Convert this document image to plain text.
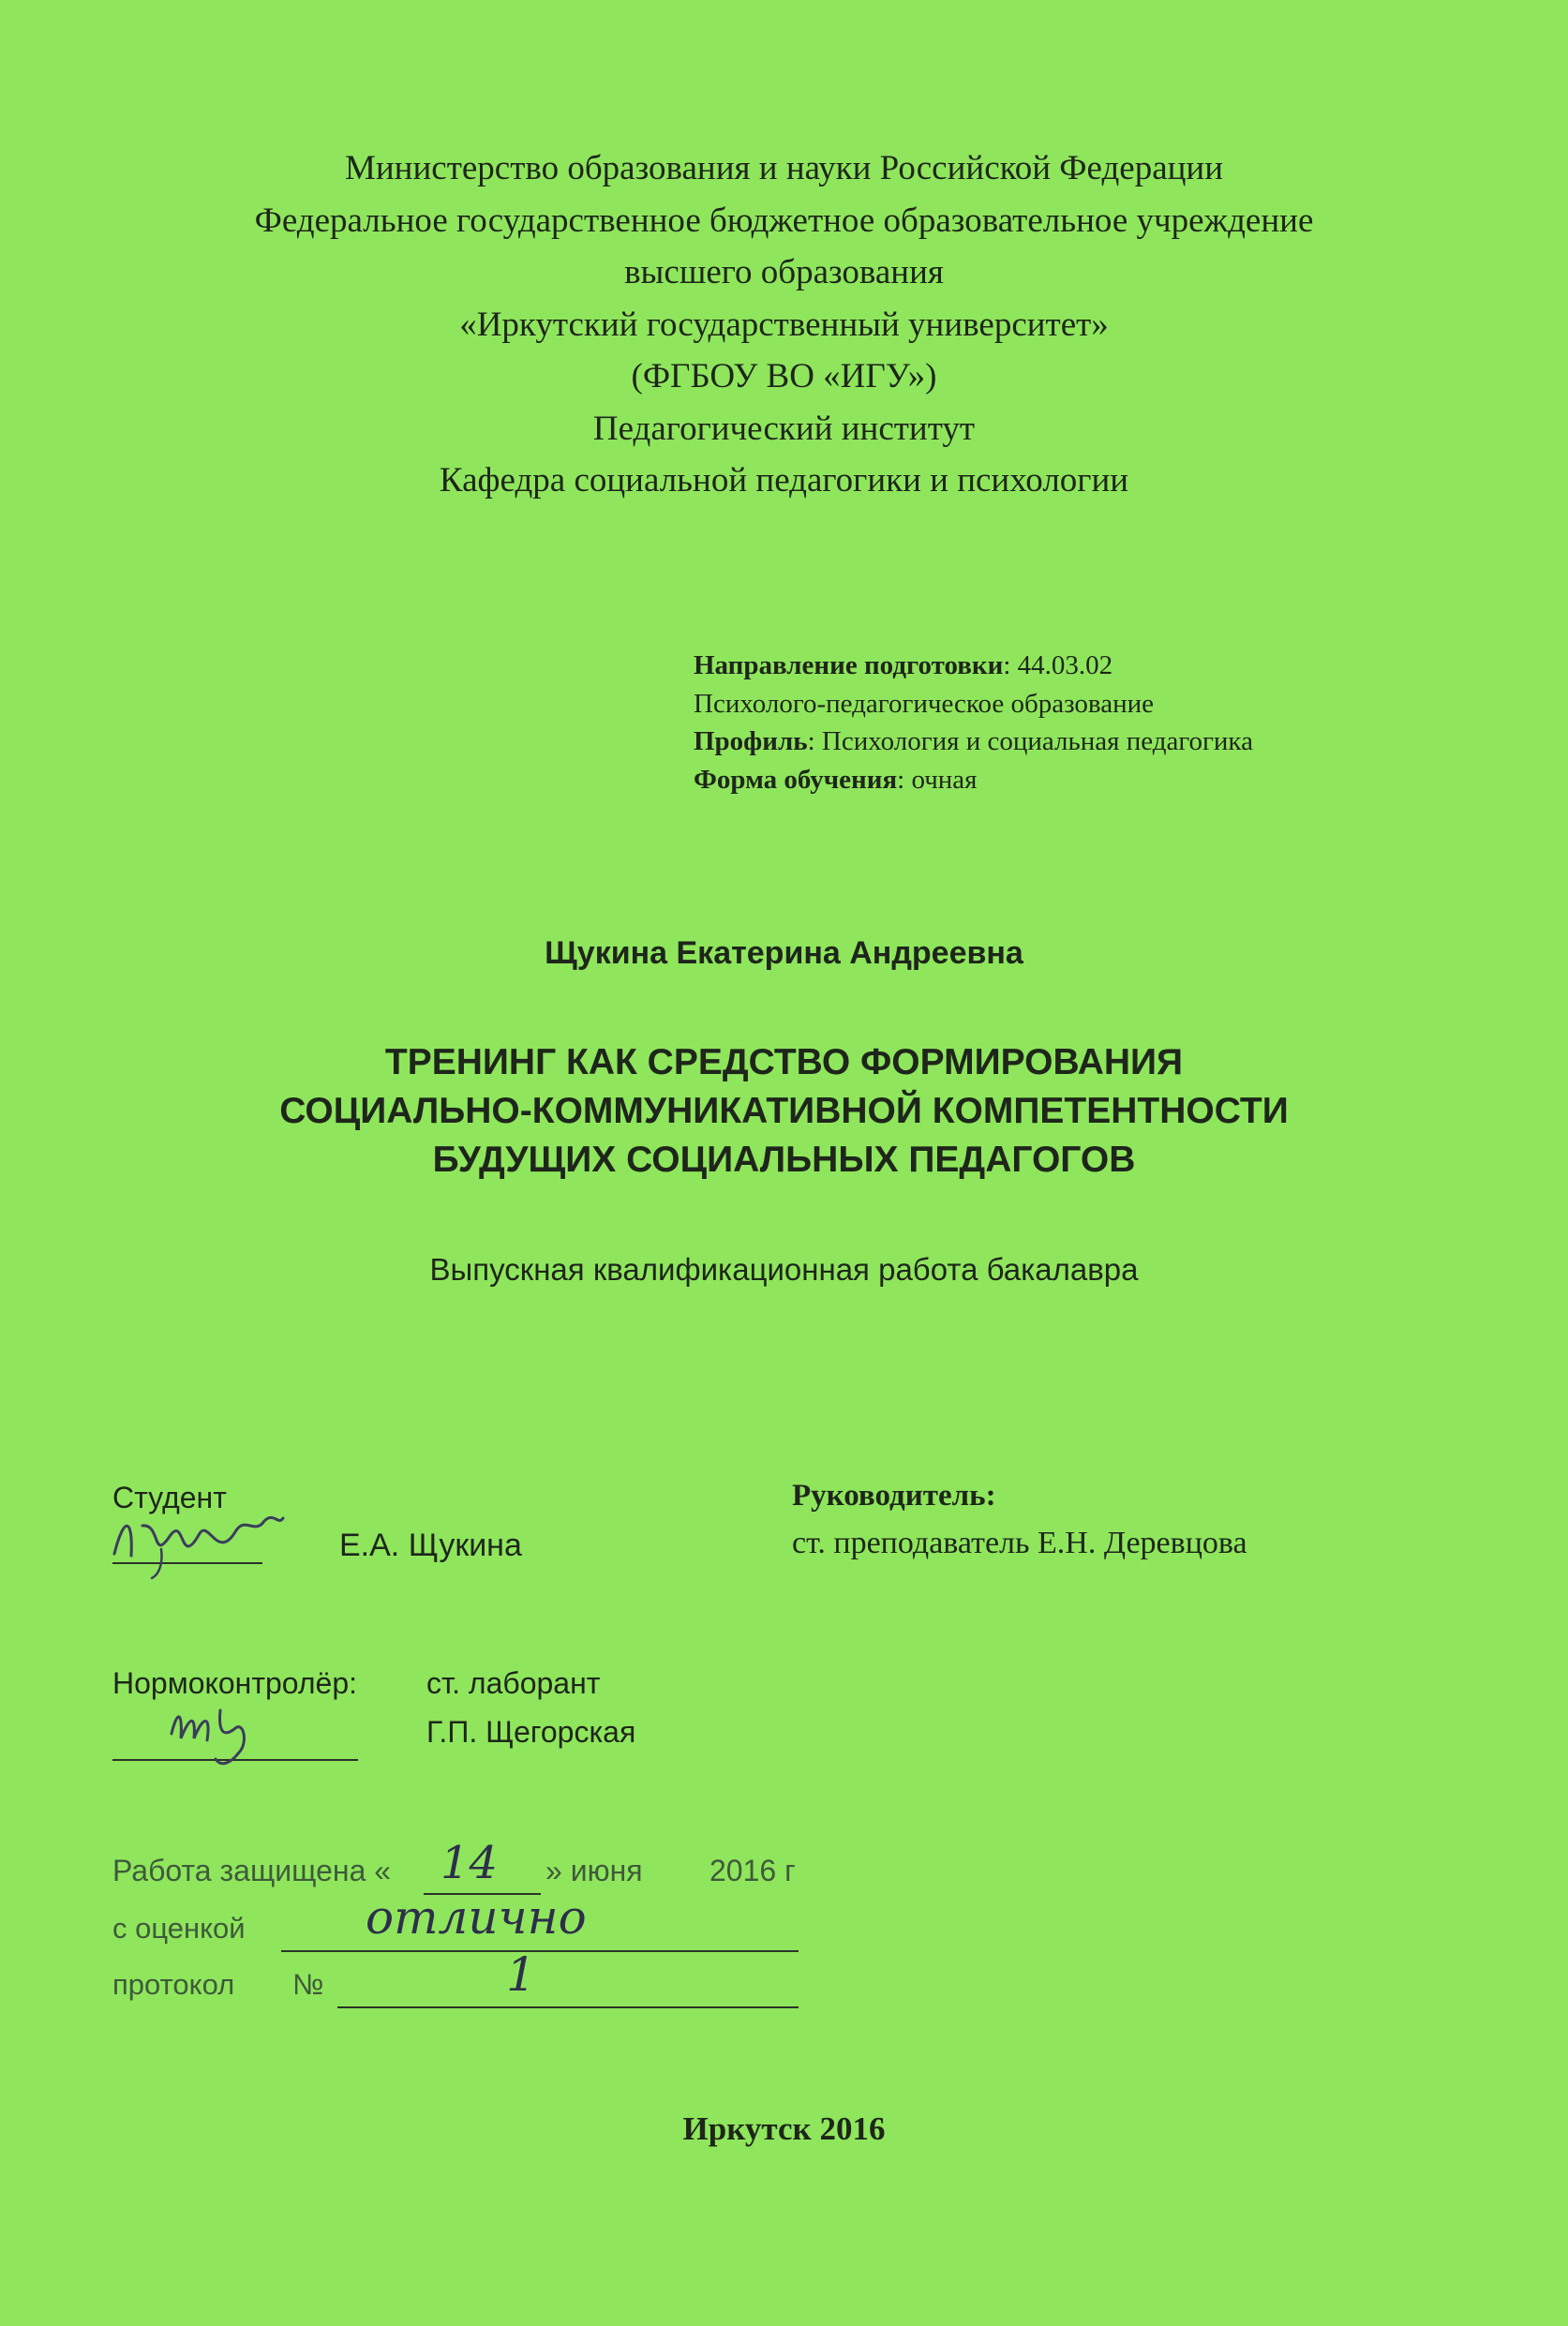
Министерство образования и науки Российской Федерации
Федеральное государственное бюджетное образовательное учреждение
высшего образования
«Иркутский государственный университет»
(ФГБОУ ВО «ИГУ»)
Педагогический институт
Кафедра социальной педагогики и психологии
Направление подготовки: 44.03.02
Психолого-педагогическое образование
Профиль: Психология и социальная педагогика
Форма обучения: очная
Щукина Екатерина Андреевна
ТРЕНИНГ КАК СРЕДСТВО ФОРМИРОВАНИЯ
СОЦИАЛЬНО-КОММУНИКАТИВНОЙ КОМПЕТЕНТНОСТИ
БУДУЩИХ СОЦИАЛЬНЫХ ПЕДАГОГОВ
Выпускная квалификационная работа бакалавра
Студент
Е.А. Щукина
Руководитель:
ст. преподаватель Е.Н. Деревцова
Нормоконтролёр: ст. лаборант
Г.П. Щегорская
Работа защищена « 14 » июня 2016 г
с оценкой	отлично
протокол №	1
Иркутск 2016
